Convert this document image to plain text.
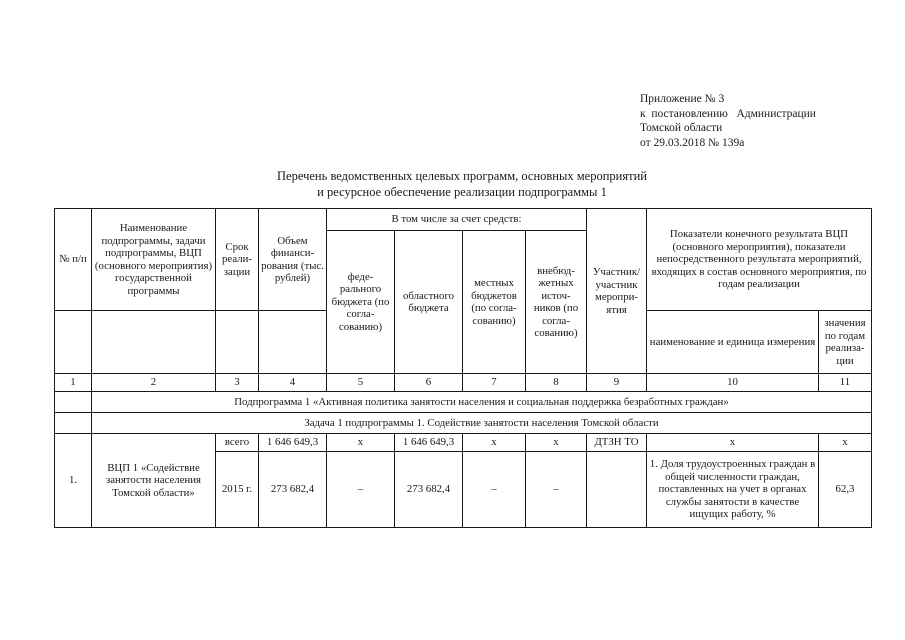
Приложение № 3
к  постановлению   Администрации
Томской области
от 29.03.2018 № 139а
Перечень ведомственных целевых программ, основных мероприятий
и ресурсное обеспечение реализации подпрограммы 1
№ п/п	Наименование подпрограммы, задачи подпрограммы, ВЦП (основного мероприятия) государственной программы	Срок реали-зации	Объем финанси-рования (тыс. рублей)	В том числе за счет средств:				Участник/ участник меропри-ятия	Показатели конечного результата ВЦП (основного мероприятия), показатели непосредственного результата мероприятий, входящих в состав основного мероприятия, по годам реализации	
				феде-рального бюджета (по согла-сованию)	областного бюджета	местных бюджетов (по согла-сованию)	внебюд-жетных источ-ников (по согла-сованию)			
									наименование и единица измерения	значения по годам реализа-ции
1	2	3	4	5	6	7	8	9	10	11
	Подпрограмма 1 «Активная политика занятости населения и социальная поддержка безработных граждан»									
	Задача 1 подпрограммы 1. Содействие занятости населения Томской области									
1.	ВЦП 1 «Содействие занятости населения Томской области»	всего	1 646 649,3	x	1 646 649,3	x	x	ДТЗН ТО	x	x
		2015 г.	273 682,4	–	273 682,4	–	–		1. Доля трудоустроенных граждан в общей численности граждан, поставленных на учет в органах службы занятости в качестве ищущих работу, %	62,3
